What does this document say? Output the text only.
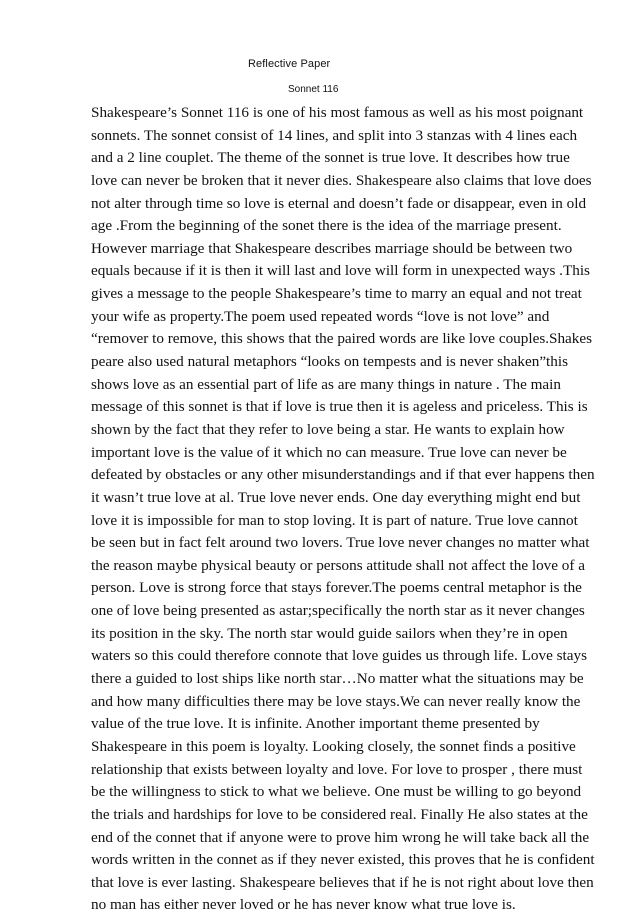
Reflective Paper
Sonnet 116
Shakespeare’s Sonnet 116 is one of his most famous as well as his most poignant
sonnets. The sonnet consist of 14 lines, and split into 3 stanzas with 4 lines each
and a 2 line couplet. The theme of the sonnet is true love. It describes how true
love can never be broken that it never dies. Shakespeare also claims that love does
not alter through time so love is eternal and doesn’t fade or disappear, even in old
age .From the beginning of the sonet there is the idea of the marriage present.
However marriage that Shakespeare describes marriage should be between two
equals because if it is then it will last and love will form in unexpected ways .This
gives a message to the people Shakespeare’s time to marry an equal and not treat
your wife as property.The poem used repeated words “love is not love” and
“remover to remove, this shows that the paired words are like love couples.Shakes
peare also used natural metaphors “looks on tempests and is never shaken”this
shows love as an essential part of life as are many things in nature . The main
message of this sonnet is that if love is true then it is ageless and priceless. This is
shown by the fact that they refer to love being a star. He wants to explain how
important love is the value of it which no can measure. True love can never be
defeated by obstacles or any other misunderstandings and if that ever happens then
it wasn’t true love at al. True love never ends. One day everything might end but
love it is impossible for man to stop loving. It is part of nature. True love cannot
be seen but in fact felt around two lovers. True love never changes no matter what
the reason maybe physical beauty or persons attitude shall not affect the love of a
person. Love is strong force that stays forever.The poems central metaphor is the
one of love being presented as astar;specifically the north star as it never changes
its position in the sky. The north star would guide sailors when they’re in open
waters so this could therefore connote that love guides us through life. Love stays
there a guided to lost ships like north star…No matter what the situations may be
and how many difficulties there may be love stays.We can never really know the
value of the true love. It is infinite. Another important theme presented by
Shakespeare in this poem is loyalty. Looking closely, the sonnet finds a positive
relationship that exists between loyalty and love. For love to prosper , there must
be the willingness to stick to what we believe. One must be willing to go beyond
the trials and hardships for love to be considered real. Finally He also states at the
end of the connet that if anyone were to prove him wrong he will take back all the
words written in the connet as if they never existed, this proves that he is confident
that love is ever lasting. Shakespeare believes that if he is not right about love then
no man has either never loved or he has never know what true love is.
